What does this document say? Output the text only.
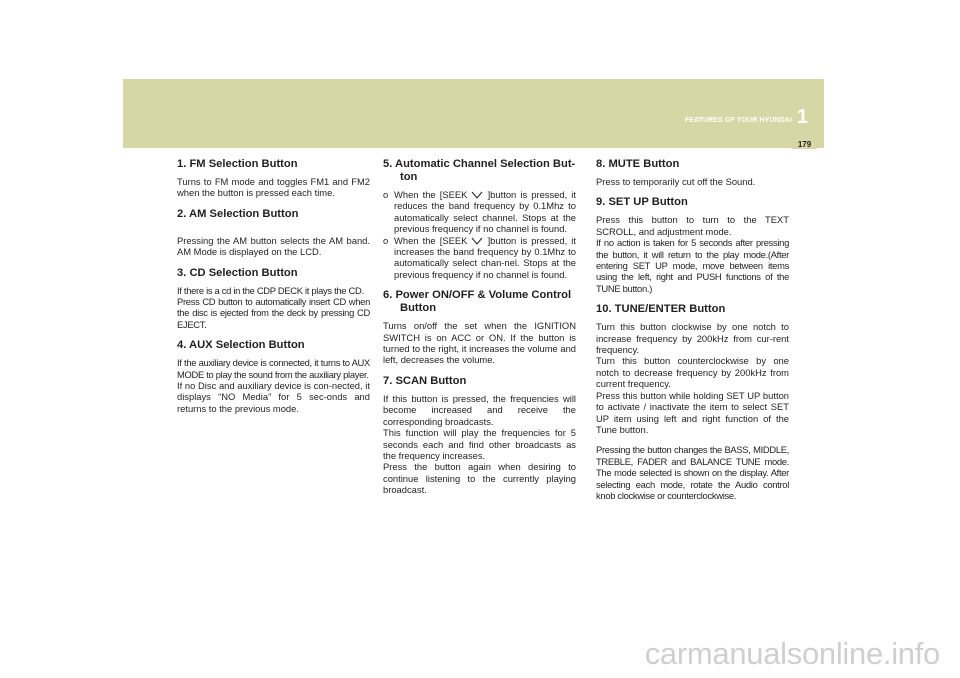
FEATURES OF YOUR HYUNDAI 1
179
1. FM Selection Button

Turns to FM mode and toggles FM1 and FM2 when the button is pressed each time.

2. AM Selection Button

Pressing the AM button selects the AM band. AM Mode is displayed on the LCD.

3. CD Selection Button

If there is a cd in the CDP DECK it plays the CD.

Press CD button to automatically insert CD when the disc is ejected from the deck by pressing CD EJECT.

4. AUX Selection Button

If the auxiliary device is connected, it turns to AUX MODE to play the sound from the auxiliary player.

If no Disc and auxiliary device is con-nected, it displays “NO Media” for 5 sec-onds and returns to the previous mode.

5. Automatic Channel Selection But-ton
o When the [SEEK ]button is pressed, it reduces the band frequency by 0.1Mhz to automatically select channel. Stops at the previous frequency if no channel is found.
o When the [SEEK ]button is pressed, it increases the band frequency by 0.1Mhz to automatically select chan-nel. Stops at the previous frequency if no channel is found.
6. Power ON/OFF & Volume Control Button

Turns on/off the set when the IGNITION SWITCH is on ACC or ON. If the button is turned to the right, it increases the volume and left, decreases the volume.

7. SCAN Button

If this button is pressed, the frequencies will become increased and receive the corresponding broadcasts.

This function will play the frequencies for 5 seconds each and find other broadcasts as the frequency increases.

Press the button again when desiring to continue listening to the currently playing broadcast.

8. MUTE Button

Press to temporarily cut off the Sound.

9. SET UP Button

Press this button to turn to the TEXT SCROLL, and adjustment mode.

If no action is taken for 5 seconds after pressing the button, it will return to the play mode.(After entering SET UP mode, move between items using the left, right and PUSH functions of the TUNE button.)

10. TUNE/ENTER Button

Turn this button clockwise by one notch to increase frequency by 200kHz from cur-rent frequency.

Turn this button counterclockwise by one notch to decrease frequency by 200kHz from current frequency.

Press this button while holding SET UP button to activate / inactivate the item to select SET UP item using left and right function of the Tune button.

Pressing the button changes the BASS, MIDDLE, TREBLE, FADER and BALANCE TUNE mode. The mode selected is shown on the display. After selecting each mode, rotate the Audio control knob clockwise or counterclockwise.

carmanualsonline.info
